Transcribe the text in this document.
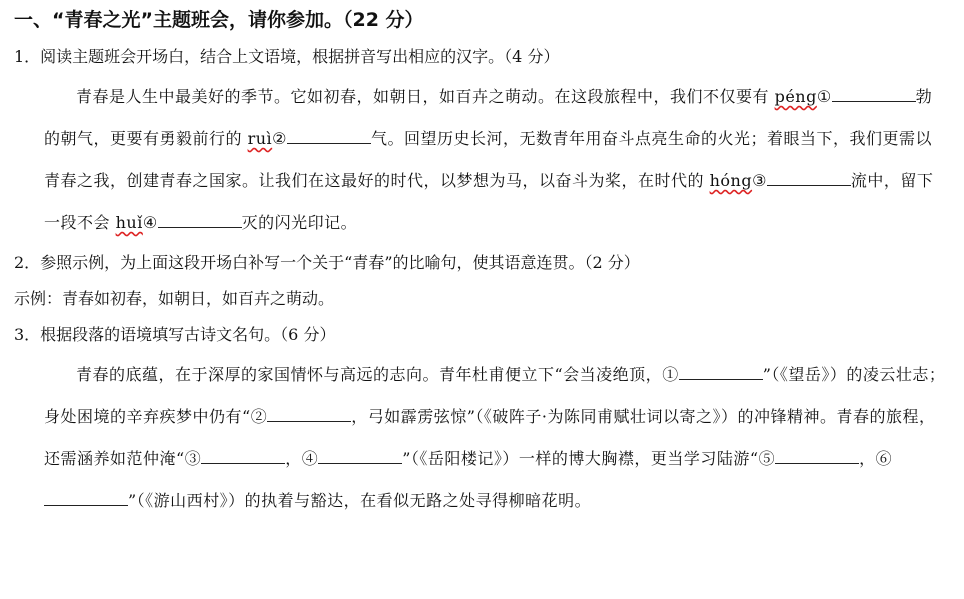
一、“青春之光”主题班会，请你参加。（22 分）
1．阅读主题班会开场白，结合上文语境，根据拼音写出相应的汉字。（4 分）

青春是人生中最美好的季节。它如初春，如朝日，如百卉之萌动。在这段旅程中，我们不仅要有 péng①	勃的朝气，更要有勇毅前行的 ruì②	气。回望历史长河，无数青年用奋斗点亮生命的火光；着眼当下，我们更需以青春之我，创建青春之国家。让我们在这最好的时代，以梦想为马，以奋斗为桨，在时代的 hóng③	流中，留下一段不会 huǐ④	灭的闪光印记。

2．参照示例，为上面这段开场白补写一个关于“青春”的比喻句，使其语意连贯。（2 分）
示例：青春如初春，如朝日，如百卉之萌动。
3．根据段落的语境填写古诗文名句。（6 分）

青春的底蕴，在于深厚的家国情怀与高远的志向。青年杜甫便立下“会当凌绝顶，①	”（《望岳》）的凌云壮志；身处困境的辛弃疾梦中仍有“②	，弓如霹雳弦惊”（《破阵子·为陈同甫赋壮词以寄之》）的冲锋精神。青春的旅程，还需涵养如范仲淹“③	，④	”（《岳阳楼记》）一样的博大胸襟，更当学习陆游“⑤	，⑥”（《游山西村》）的执着与豁达，在看似无路之处寻得柳暗花明。
